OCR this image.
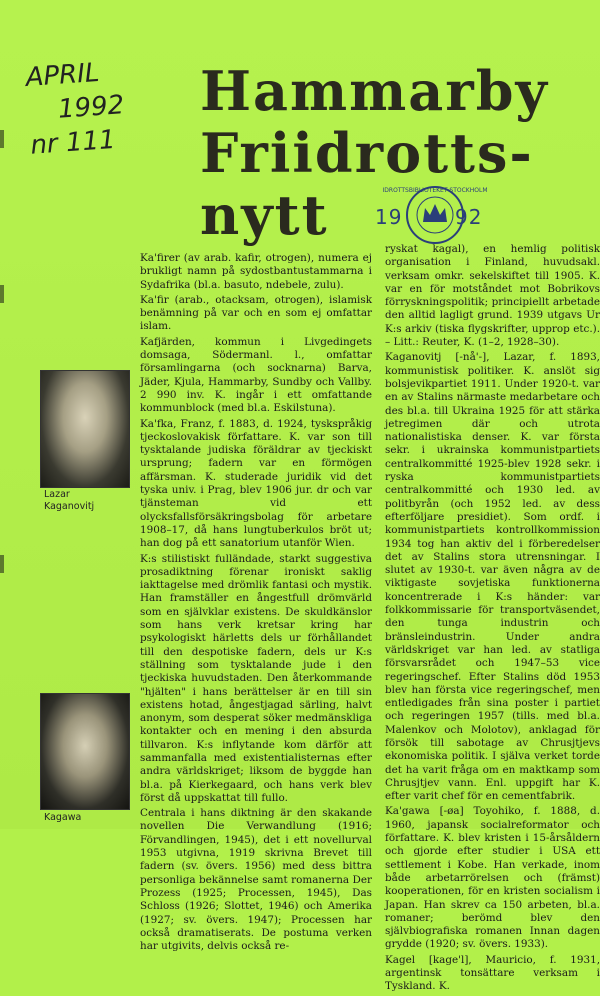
APRIL
1992
nr 111
Hammarby
Friidrotts-
nytt	19
IDROTTSBIBLIOTEKET STOCKHOLM
92
Lazar
Kaganovitj
Kagawa

Ka'firer (av arab. kafir, otrogen), numera ej brukligt namn på sydostbantustammarna i Sydafrika (bl.a. basuto, ndebele, zulu).

Ka'fir (arab., otacksam, otrogen), islamisk benämning på var och en som ej omfattar islam.

Kafjärden, kommun i Livgedingets domsaga, Södermanl. l., omfattar församlingarna (och socknarna) Barva, Jäder, Kjula, Hammarby, Sundby och Vallby. 2 990 inv. K. ingår i ett omfattande kommunblock (med bl.a. Eskilstuna).

Ka'fka, Franz, f. 1883, d. 1924, tyskspråkig tjeckoslovakisk författare. K. var son till tysktalande judiska föräldrar av tjeckiskt ursprung; fadern var en förmögen affärsman. K. studerade juridik vid det tyska univ. i Prag, blev 1906 jur. dr och var tjänsteman vid ett olycksfallsförsäkringsbolag för arbetare 1908–17, då hans lungtuberkulos bröt ut; han dog på ett sanatorium utanför Wien.

K:s stilistiskt fulländade, starkt suggestiva prosadiktning förenar ironiskt saklig iakttagelse med drömlik fantasi och mystik. Han framställer en ångestfull drömvärld som en självklar existens. De skuldkänslor som hans verk kretsar kring har psykologiskt härletts dels ur förhållandet till den despotiske fadern, dels ur K:s ställning som tysktalande jude i den tjeckiska huvudstaden. Den återkommande "hjälten" i hans berättelser är en till sin existens hotad, ångestjagad särling, halvt anonym, som desperat söker medmänskliga kontakter och en mening i den absurda tillvaron. K:s inflytande kom därför att sammanfalla med existentialisternas efter andra världskriget; liksom de byggde han bl.a. på Kierkegaard, och hans verk blev först då uppskattat till fullo.

Centrala i hans diktning är den skakande novellen Die Verwandlung (1916; Förvandlingen, 1945), det i ett novellurval 1953 utgivna, 1919 skrivna Brevet till fadern (sv. övers. 1956) med dess bittra personliga bekännelse samt romanerna Der Prozess (1925; Processen, 1945), Das Schloss (1926; Slottet, 1946) och Amerika (1927; sv. övers. 1947); Processen har också dramatiserats. De postuma verken har utgivits, delvis också re-

ryskat kagal), en hemlig politisk organisation i Finland, huvudsakl. verksam omkr. sekelskiftet till 1905. K. var en för motståndet mot Bobrikovs förryskningspolitik; principiellt arbetade den alltid lagligt grund. 1939 utgavs Ur K:s arkiv (tiska flygskrifter, upprop etc.). – Litt.: Reuter, K. (1–2, 1928–30).

Kaganovitj [-nå'-], Lazar, f. 1893, kommunistisk politiker. K. anslöt sig bolsjevikpartiet 1911. Under 1920-t. var en av Stalins närmaste medarbetare och des bl.a. till Ukraina 1925 för att stärka jetregimen där och utrota nationalistiska denser. K. var första sekr. i ukrainska kommunistpartiets centralkommitté 1925-blev 1928 sekr. i ryska kommunistpartiets centralkommitté och 1930 led. av politbyrån (och 1952 led. av dess efterföljare presidiet). Som ordf. i kommunistpartiets kontrollkommission 1934 tog han aktiv del i förberedelser det av Stalins stora utrensningar. I slutet av 1930-t. var även några av de viktigaste sovjetiska funktionerna koncentrerade i K:s händer: var folkkommissarie för transportväsendet, den tunga industrin och bränsleindustrin. Under andra världskriget var han led. av statliga försvarsrådet och 1947–53 vice regeringschef. Efter Stalins död 1953 blev han första vice regeringschef, men entledigades från sina poster i partiet och regeringen 1957 (tills. med bl.a. Malenkov och Molotov), anklagad för försök till sabotage av Chrusjtjevs ekonomiska politik. I själva verket torde det ha varit fråga om en maktkamp som Chrusjtjev vann. Enl. uppgift har K. efter varit chef för en cementfabrik.

Ka'gawa [-øa] Toyohiko, f. 1888, d. 1960, japansk socialreformator och författare. K. blev kristen i 15-årsåldern och gjorde efter studier i USA ett settlement i Kobe. Han verkade, inom både arbetarrörelsen och (främst) kooperationen, för en kristen socialism i Japan. Han skrev ca 150 arbeten, bl.a. romaner; berömd blev den självbiografiska romanen Innan dagen grydde (1920; sv. övers. 1933).

Kagel [kage'l], Mauricio, f. 1931, argentinsk tonsättare verksam i Tyskland. K.
